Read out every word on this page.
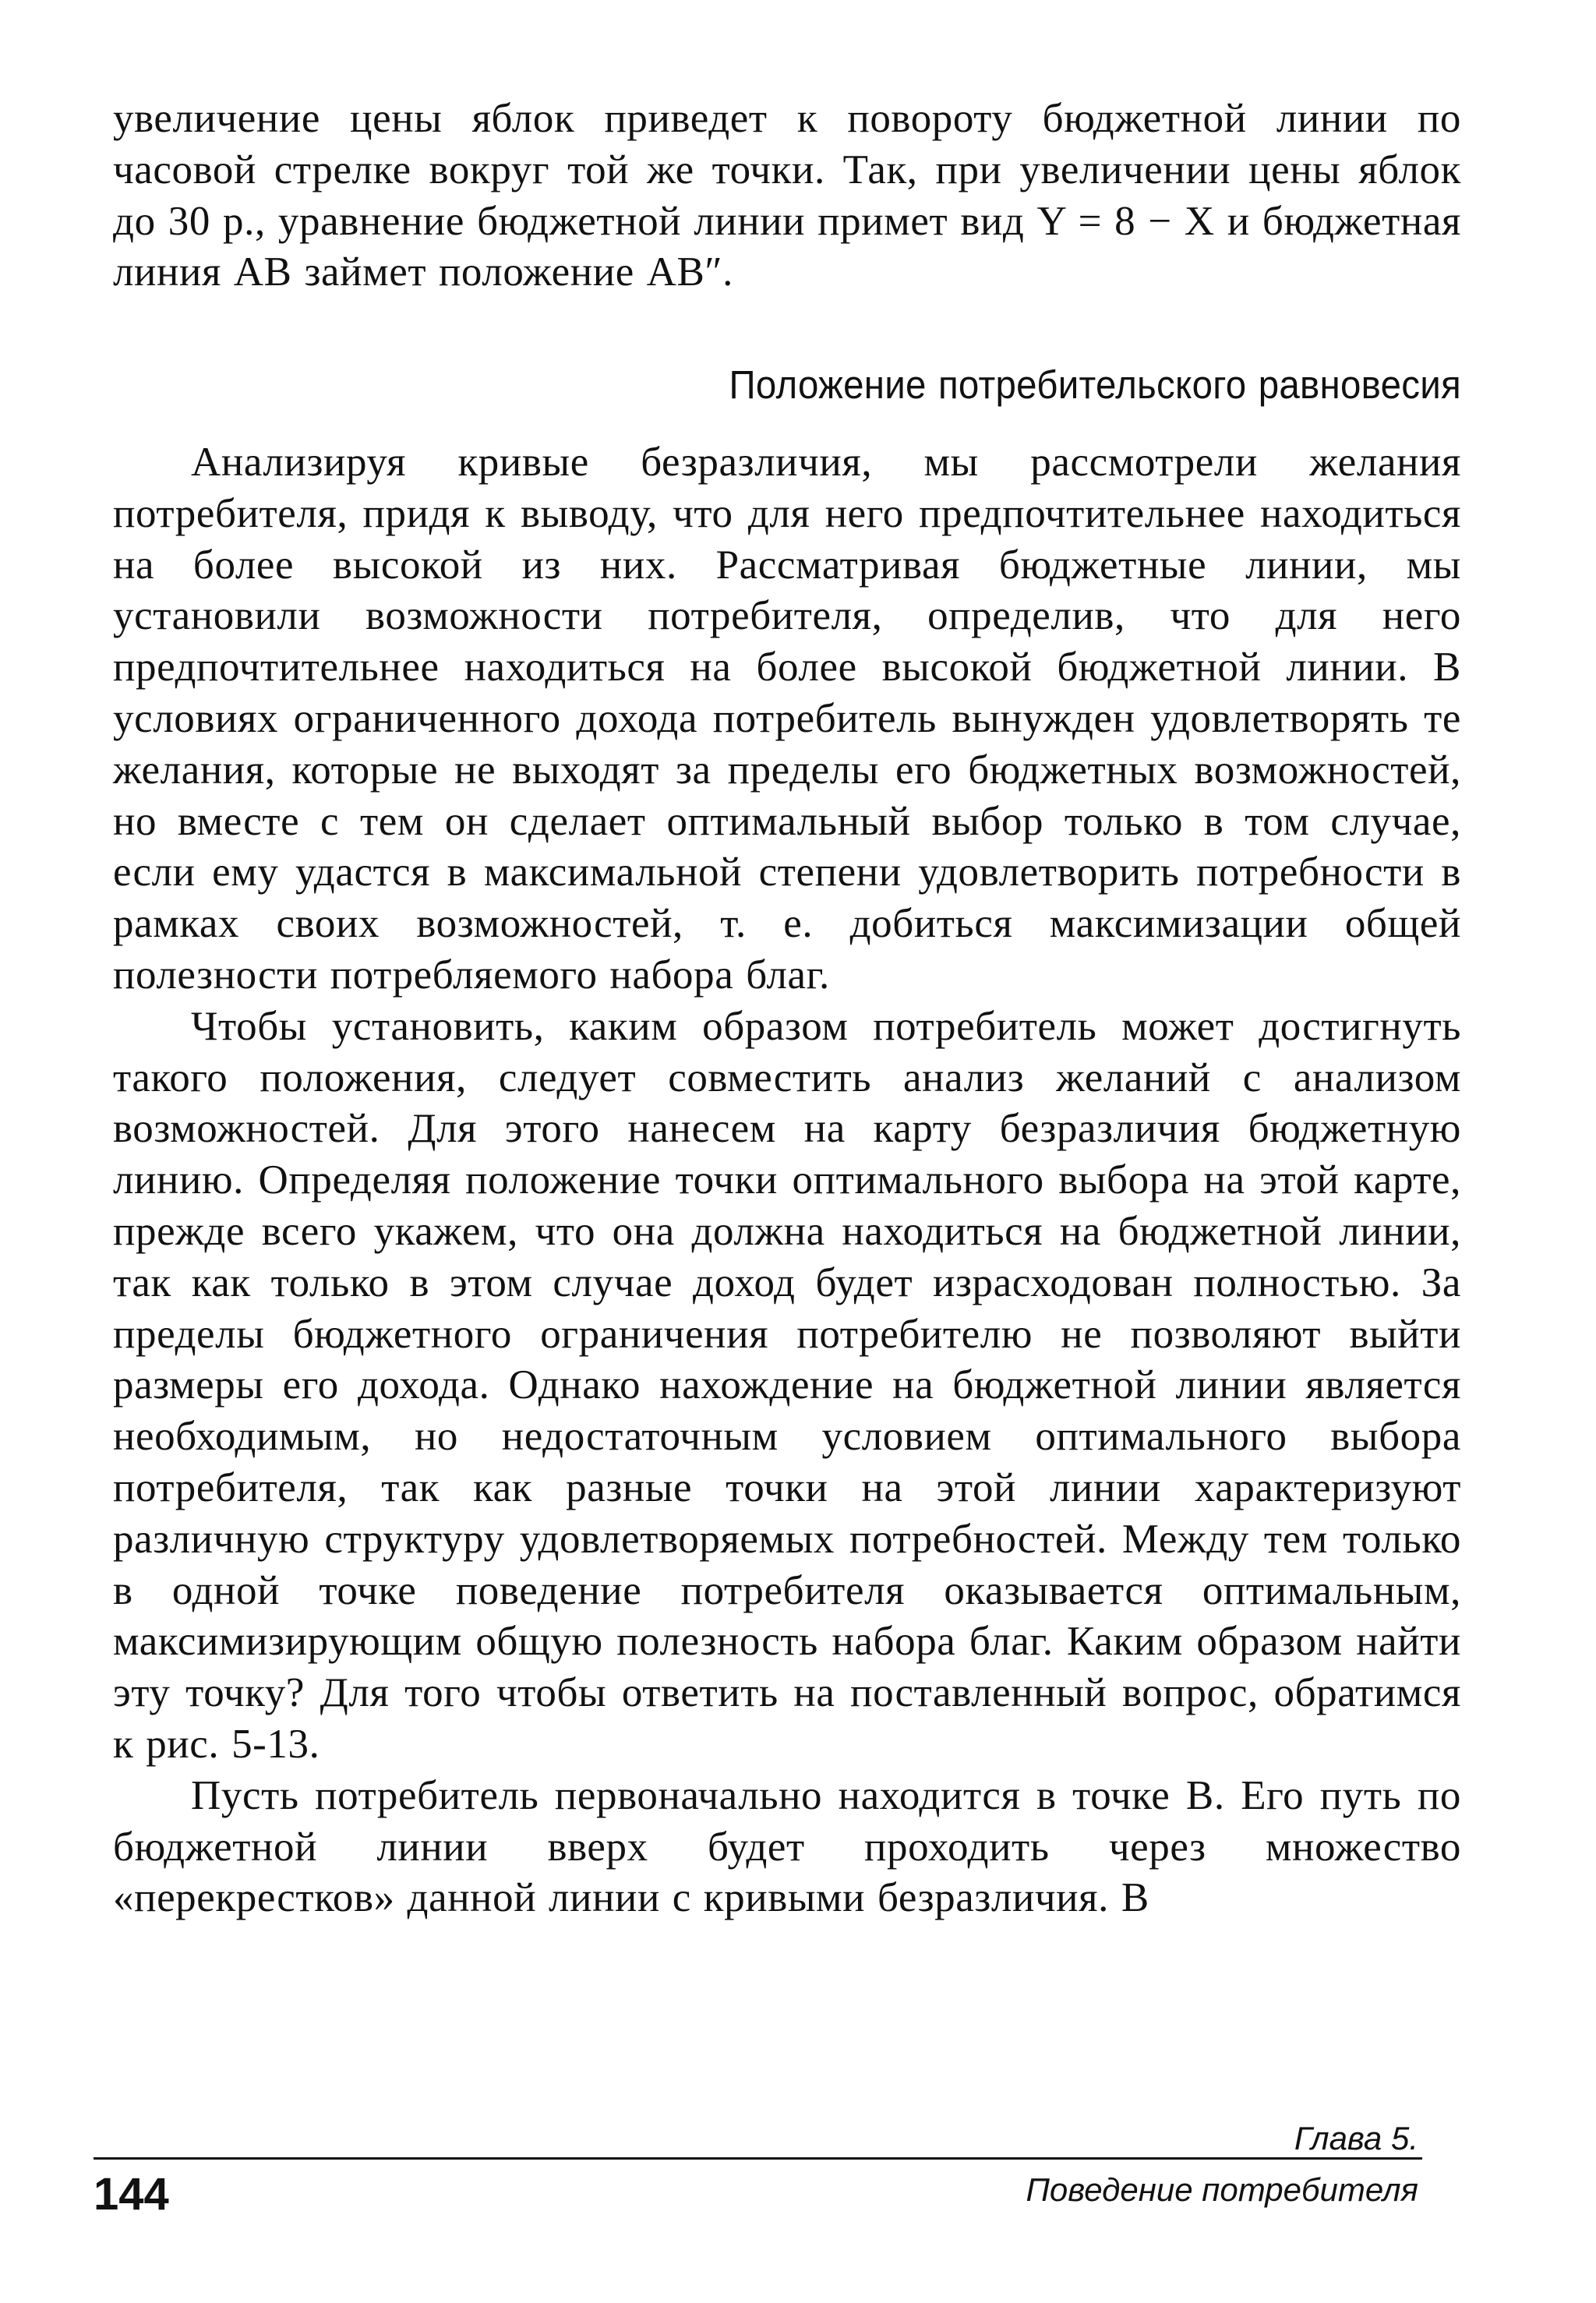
увеличение цены яблок приведет к повороту бюджетной линии по часовой стрелке вокруг той же точки. Так, при увеличении цены яблок до 30 р., уравнение бюджетной линии примет вид Y = 8 − X и бюджетная линия AB займет положение AB″.

Положение потребительского равновесия

Анализируя кривые безразличия, мы рассмотрели желания потребителя, придя к выводу, что для него предпочтительнее находиться на более высокой из них. Рассматривая бюджетные линии, мы установили возможности потребителя, определив, что для него предпочтительнее находиться на более высокой бюджетной линии. В условиях ограниченного дохода потребитель вынужден удовлетворять те желания, которые не выходят за пределы его бюджетных возможностей, но вместе с тем он сделает оптимальный выбор только в том случае, если ему удастся в максимальной степени удовлетворить потребности в рамках своих возможностей, т. е. добиться максимизации общей полезности потребляемого набора благ.

Чтобы установить, каким образом потребитель может достигнуть такого положения, следует совместить анализ желаний с анализом возможностей. Для этого нанесем на карту безразличия бюджетную линию. Определяя положение точки оптимального выбора на этой карте, прежде всего укажем, что она должна находиться на бюджетной линии, так как только в этом случае доход будет израсходован полностью. За пределы бюджетного ограничения потребителю не позволяют выйти размеры его дохода. Однако нахождение на бюджетной линии является необходимым, но недостаточным условием оптимального выбора потребителя, так как разные точки на этой линии характеризуют различную структуру удовлетворяемых потребностей. Между тем только в одной точке поведение потребителя оказывается оптимальным, максимизирующим общую полезность набора благ. Каким образом найти эту точку? Для того чтобы ответить на поставленный вопрос, обратимся к рис. 5-13.

Пусть потребитель первоначально находится в точке B. Его путь по бюджетной линии вверх будет проходить через множество «перекрестков» данной линии с кривыми безразличия. В

Глава 5.
144	Поведение потребителя
